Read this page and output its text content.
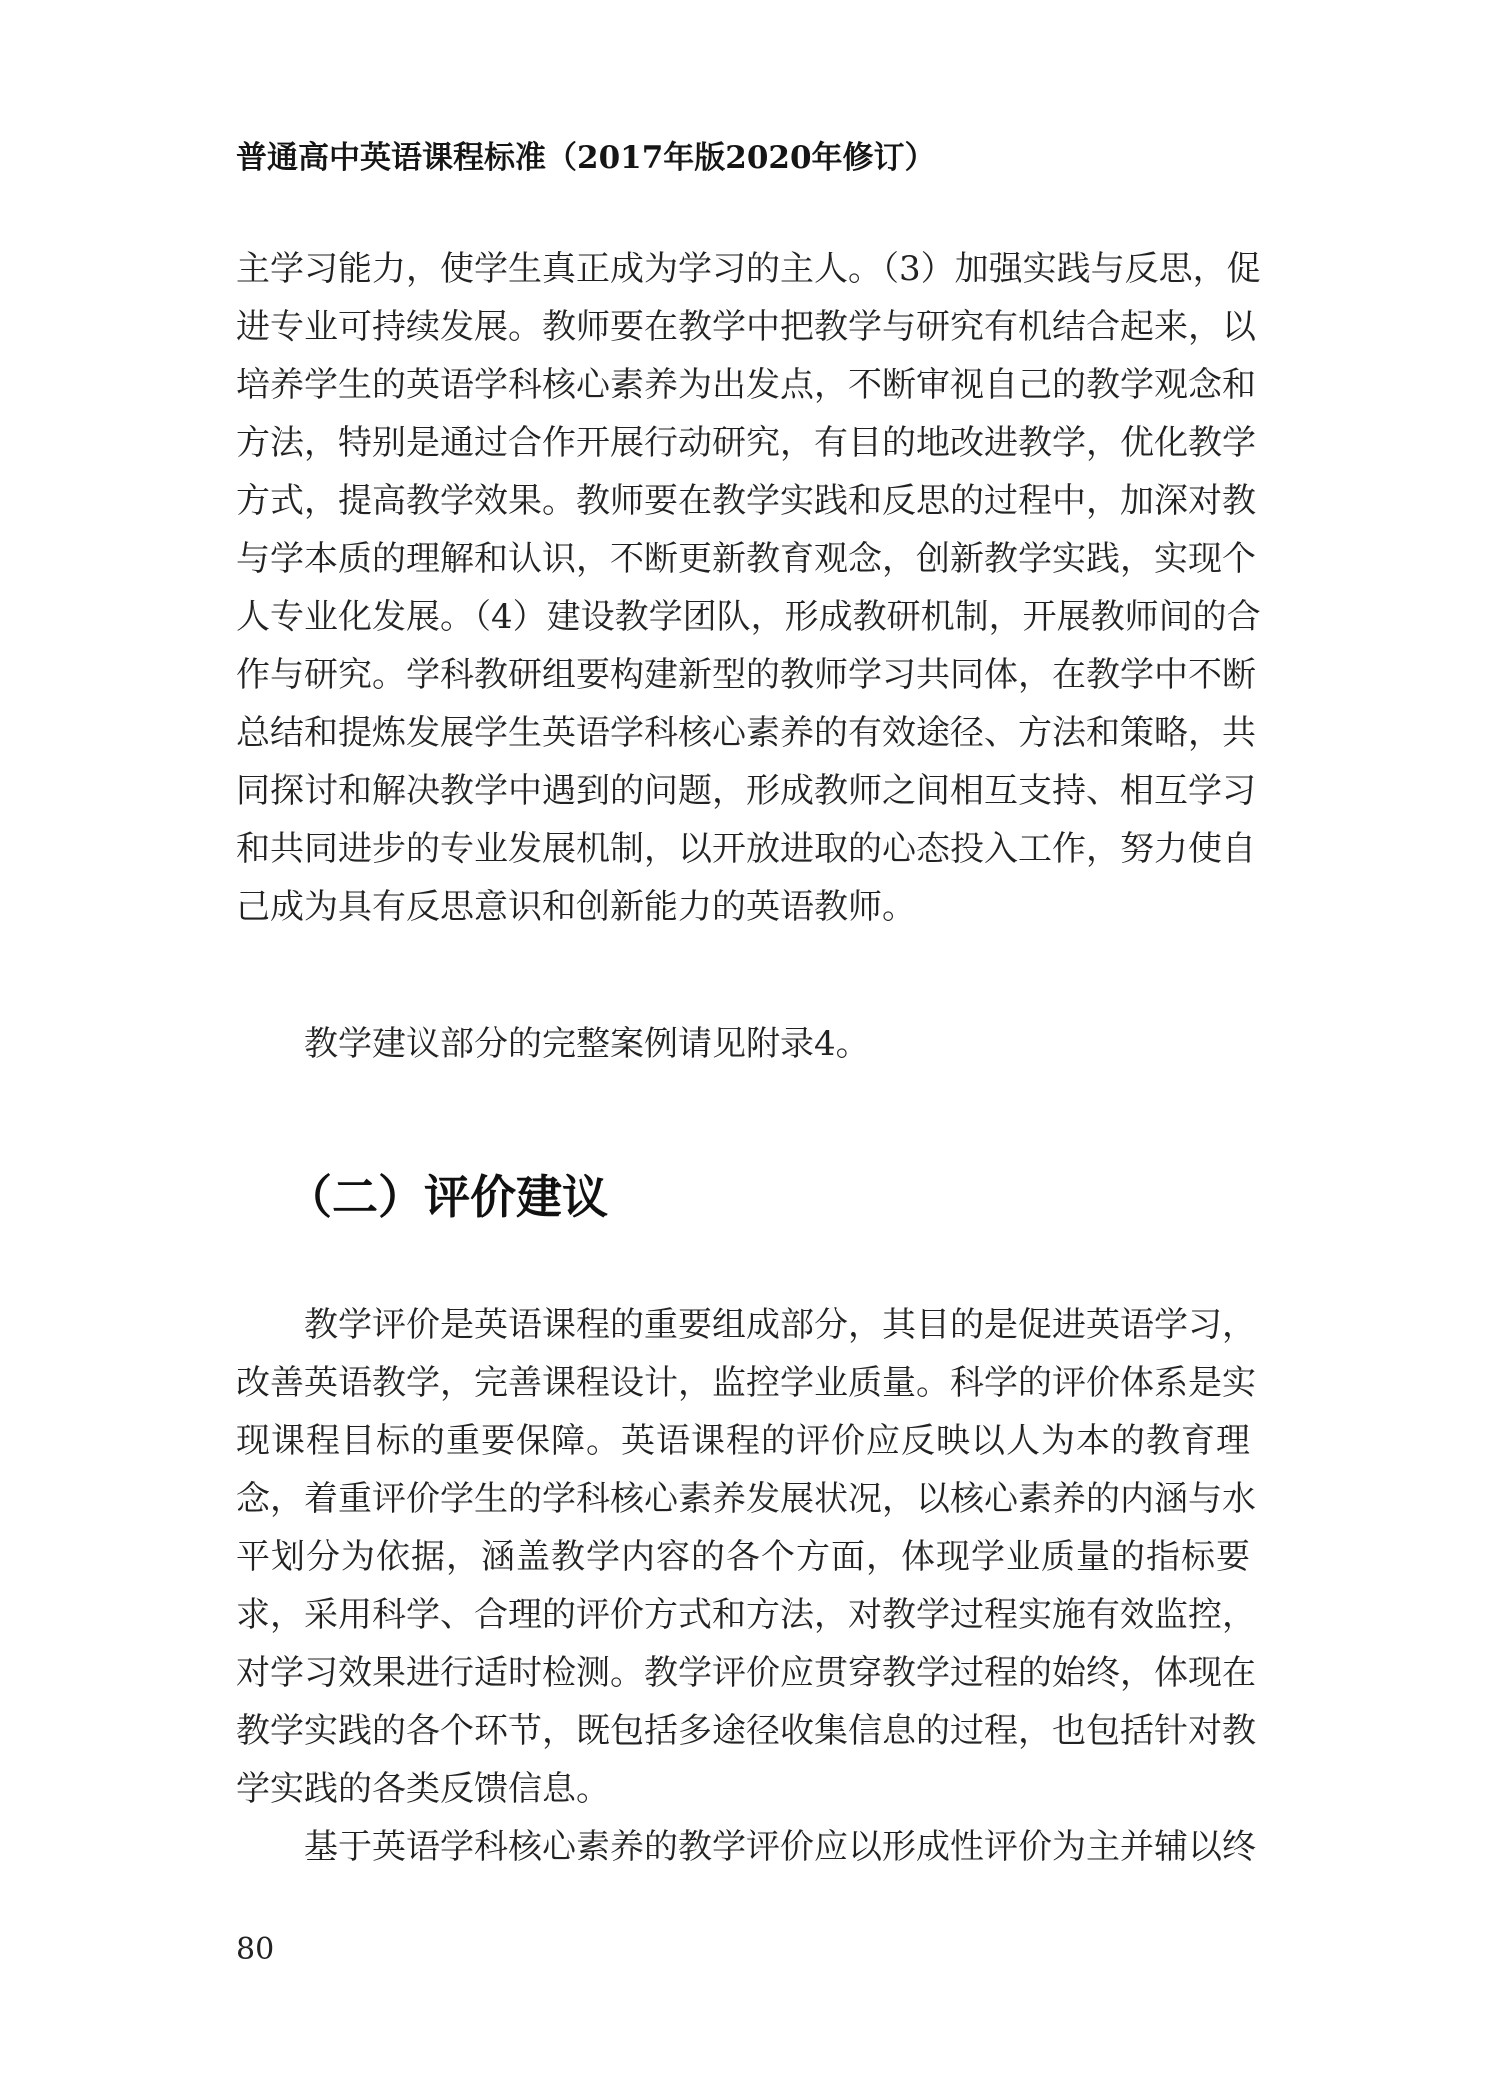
普通高中英语课程标准（2017年版2020年修订）
主学习能力，使学生真正成为学习的主人。（3）加强实践与反思，促
进专业可持续发展。教师要在教学中把教学与研究有机结合起来，以
培养学生的英语学科核心素养为出发点，不断审视自己的教学观念和
方法，特别是通过合作开展行动研究，有目的地改进教学，优化教学
方式，提高教学效果。教师要在教学实践和反思的过程中，加深对教
与学本质的理解和认识，不断更新教育观念，创新教学实践，实现个
人专业化发展。（4）建设教学团队，形成教研机制，开展教师间的合
作与研究。学科教研组要构建新型的教师学习共同体，在教学中不断
总结和提炼发展学生英语学科核心素养的有效途径、方法和策略，共
同探讨和解决教学中遇到的问题，形成教师之间相互支持、相互学习
和共同进步的专业发展机制，以开放进取的心态投入工作，努力使自
己成为具有反思意识和创新能力的英语教师。
教学建议部分的完整案例请见附录4。
（二）评价建议
教学评价是英语课程的重要组成部分，其目的是促进英语学习，
改善英语教学，完善课程设计，监控学业质量。科学的评价体系是实
现课程目标的重要保障。英语课程的评价应反映以人为本的教育理
念，着重评价学生的学科核心素养发展状况，以核心素养的内涵与水
平划分为依据，涵盖教学内容的各个方面，体现学业质量的指标要
求，采用科学、合理的评价方式和方法，对教学过程实施有效监控，
对学习效果进行适时检测。教学评价应贯穿教学过程的始终，体现在
教学实践的各个环节，既包括多途径收集信息的过程，也包括针对教
学实践的各类反馈信息。
基于英语学科核心素养的教学评价应以形成性评价为主并辅以终
80
